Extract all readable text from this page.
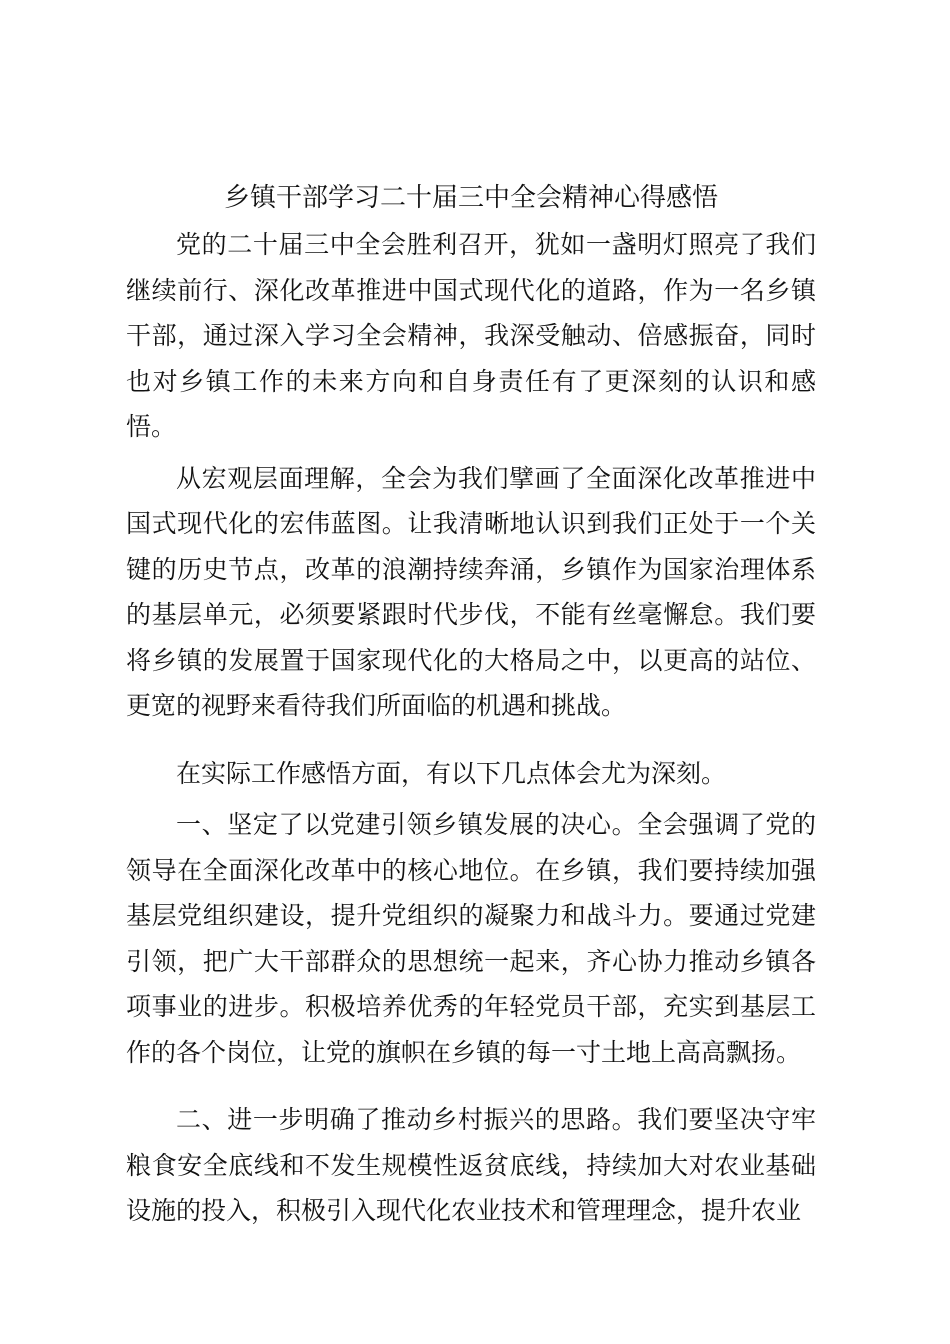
乡镇干部学习二十届三中全会精神心得感悟

党的二十届三中全会胜利召开，犹如一盏明灯照亮了我们继续前行、深化改革推进中国式现代化的道路，作为一名乡镇干部，通过深入学习全会精神，我深受触动、倍感振奋，同时也对乡镇工作的未来方向和自身责任有了更深刻的认识和感悟。

从宏观层面理解，全会为我们擘画了全面深化改革推进中国式现代化的宏伟蓝图。让我清晰地认识到我们正处于一个关键的历史节点，改革的浪潮持续奔涌，乡镇作为国家治理体系的基层单元，必须要紧跟时代步伐，不能有丝毫懈怠。我们要将乡镇的发展置于国家现代化的大格局之中，以更高的站位、更宽的视野来看待我们所面临的机遇和挑战。

在实际工作感悟方面，有以下几点体会尤为深刻。

一、坚定了以党建引领乡镇发展的决心。全会强调了党的领导在全面深化改革中的核心地位。在乡镇，我们要持续加强基层党组织建设，提升党组织的凝聚力和战斗力。要通过党建引领，把广大干部群众的思想统一起来，齐心协力推动乡镇各项事业的进步。积极培养优秀的年轻党员干部，充实到基层工作的各个岗位，让党的旗帜在乡镇的每一寸土地上高高飘扬。

二、进一步明确了推动乡村振兴的思路。我们要坚决守牢粮食安全底线和不发生规模性返贫底线，持续加大对农业基础设施的投入，积极引入现代化农业技术和管理理念，提升农业
